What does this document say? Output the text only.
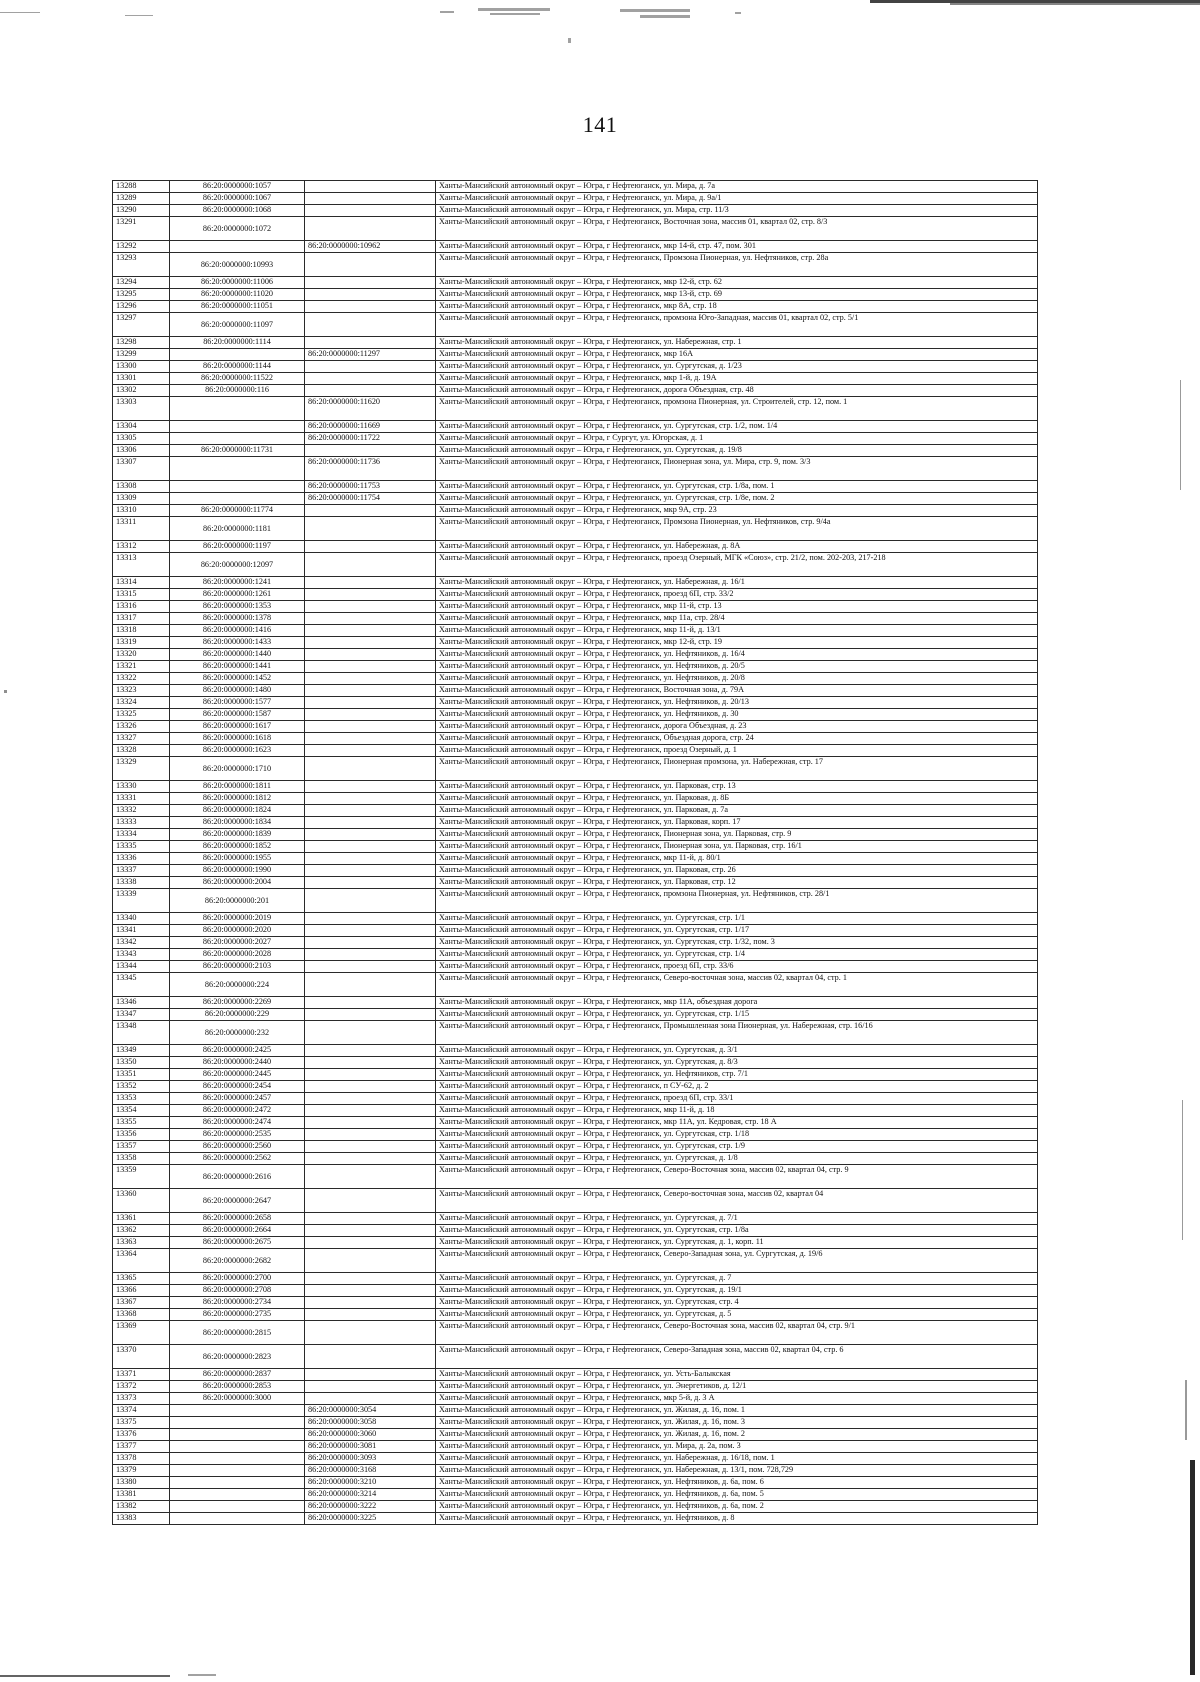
141
13288	86:20:0000000:1057		Ханты-Мансийский автономный округ – Югра, г Нефтеюганск, ул. Мира, д. 7а
13289	86:20:0000000:1067		Ханты-Мансийский автономный округ – Югра, г Нефтеюганск, ул. Мира, д. 9а/1
13290	86:20:0000000:1068		Ханты-Мансийский автономный округ – Югра, г Нефтеюганск, ул. Мира, стр. 11/3
13291	86:20:0000000:1072		Ханты-Мансийский автономный округ – Югра, г Нефтеюганск, Восточная зона, массив 01, квартал 02, стр. 8/3
13292		86:20:0000000:10962	Ханты-Мансийский автономный округ – Югра, г Нефтеюганск, мкр 14-й, стр. 47, пом. 301
13293	86:20:0000000:10993		Ханты-Мансийский автономный округ – Югра, г Нефтеюганск, Промзона Пионерная, ул. Нефтяников, стр. 28а
13294	86:20:0000000:11006		Ханты-Мансийский автономный округ – Югра, г Нефтеюганск, мкр 12-й, стр. 62
13295	86:20:0000000:11020		Ханты-Мансийский автономный округ – Югра, г Нефтеюганск, мкр 13-й, стр. 69
13296	86:20:0000000:11051		Ханты-Мансийский автономный округ – Югра, г Нефтеюганск, мкр 8А, стр. 18
13297	86:20:0000000:11097		Ханты-Мансийский автономный округ – Югра, г Нефтеюганск, промзона Юго-Западная, массив 01, квартал 02, стр. 5/1
13298	86:20:0000000:1114		Ханты-Мансийский автономный округ – Югра, г Нефтеюганск, ул. Набережная, стр. 1
13299		86:20:0000000:11297	Ханты-Мансийский автономный округ – Югра, г Нефтеюганск, мкр 16А
13300	86:20:0000000:1144		Ханты-Мансийский автономный округ – Югра, г Нефтеюганск, ул. Сургутская, д. 1/23
13301	86:20:0000000:11522		Ханты-Мансийский автономный округ – Югра, г Нефтеюганск, мкр 1-й, д. 19А
13302	86:20:0000000:116		Ханты-Мансийский автономный округ – Югра, г Нефтеюганск, дорога Объездная, стр. 48
13303		86:20:0000000:11620	Ханты-Мансийский автономный округ – Югра, г Нефтеюганск, промзона Пионерная, ул. Строителей, стр. 12, пом. 1
13304		86:20:0000000:11669	Ханты-Мансийский автономный округ – Югра, г Нефтеюганск, ул. Сургутская, стр. 1/2, пом. 1/4
13305		86:20:0000000:11722	Ханты-Мансийский автономный округ – Югра, г Сургут, ул. Югорская, д. 1
13306	86:20:0000000:11731		Ханты-Мансийский автономный округ – Югра, г Нефтеюганск, ул. Сургутская, д. 19/8
13307		86:20:0000000:11736	Ханты-Мансийский автономный округ – Югра, г Нефтеюганск, Пионерная зона, ул. Мира, стр. 9, пом. 3/3
13308		86:20:0000000:11753	Ханты-Мансийский автономный округ – Югра, г Нефтеюганск, ул. Сургутская, стр. 1/8а, пом. 1
13309		86:20:0000000:11754	Ханты-Мансийский автономный округ – Югра, г Нефтеюганск, ул. Сургутская, стр. 1/8е, пом. 2
13310	86:20:0000000:11774		Ханты-Мансийский автономный округ – Югра, г Нефтеюганск, мкр 9А, стр. 23
13311	86:20:0000000:1181		Ханты-Мансийский автономный округ – Югра, г Нефтеюганск, Промзона Пионерная, ул. Нефтяников, стр. 9/4а
13312	86:20:0000000:1197		Ханты-Мансийский автономный округ – Югра, г Нефтеюганск, ул. Набережная, д. 8А
13313	86:20:0000000:12097		Ханты-Мансийский автономный округ – Югра, г Нефтеюганск, проезд Озерный, МГК «Союз», стр. 21/2, пом. 202-203, 217-218
13314	86:20:0000000:1241		Ханты-Мансийский автономный округ – Югра, г Нефтеюганск, ул. Набережная, д. 16/1
13315	86:20:0000000:1261		Ханты-Мансийский автономный округ – Югра, г Нефтеюганск, проезд 6П, стр. 33/2
13316	86:20:0000000:1353		Ханты-Мансийский автономный округ – Югра, г Нефтеюганск, мкр 11-й, стр. 13
13317	86:20:0000000:1378		Ханты-Мансийский автономный округ – Югра, г Нефтеюганск, мкр 11а, стр. 28/4
13318	86:20:0000000:1416		Ханты-Мансийский автономный округ – Югра, г Нефтеюганск, мкр 11-й, д. 13/1
13319	86:20:0000000:1433		Ханты-Мансийский автономный округ – Югра, г Нефтеюганск, мкр 12-й, стр. 19
13320	86:20:0000000:1440		Ханты-Мансийский автономный округ – Югра, г Нефтеюганск, ул. Нефтяников, д. 16/4
13321	86:20:0000000:1441		Ханты-Мансийский автономный округ – Югра, г Нефтеюганск, ул. Нефтяников, д. 20/5
13322	86:20:0000000:1452		Ханты-Мансийский автономный округ – Югра, г Нефтеюганск, ул. Нефтяников, д. 20/8
13323	86:20:0000000:1480		Ханты-Мансийский автономный округ – Югра, г Нефтеюганск, Восточная зона, д. 79А
13324	86:20:0000000:1577		Ханты-Мансийский автономный округ – Югра, г Нефтеюганск, ул. Нефтяников, д. 20/13
13325	86:20:0000000:1587		Ханты-Мансийский автономный округ – Югра, г Нефтеюганск, ул. Нефтяников, д. 30
13326	86:20:0000000:1617		Ханты-Мансийский автономный округ – Югра, г Нефтеюганск, дорога Объездная, д. 23
13327	86:20:0000000:1618		Ханты-Мансийский автономный округ – Югра, г Нефтеюганск, Объездная дорога, стр. 24
13328	86:20:0000000:1623		Ханты-Мансийский автономный округ – Югра, г Нефтеюганск, проезд Озерный, д. 1
13329	86:20:0000000:1710		Ханты-Мансийский автономный округ – Югра, г Нефтеюганск, Пионерная промзона, ул. Набережная, стр. 17
13330	86:20:0000000:1811		Ханты-Мансийский автономный округ – Югра, г Нефтеюганск, ул. Парковая, стр. 13
13331	86:20:0000000:1812		Ханты-Мансийский автономный округ – Югра, г Нефтеюганск, ул. Парковая, д. 8Б
13332	86:20:0000000:1824		Ханты-Мансийский автономный округ – Югра, г Нефтеюганск, ул. Парковая, д. 7а
13333	86:20:0000000:1834		Ханты-Мансийский автономный округ – Югра, г Нефтеюганск, ул. Парковая, корп. 17
13334	86:20:0000000:1839		Ханты-Мансийский автономный округ – Югра, г Нефтеюганск, Пионерная зона, ул. Парковая, стр. 9
13335	86:20:0000000:1852		Ханты-Мансийский автономный округ – Югра, г Нефтеюганск, Пионерная зона, ул. Парковая, стр. 16/1
13336	86:20:0000000:1955		Ханты-Мансийский автономный округ – Югра, г Нефтеюганск, мкр 11-й, д. 80/1
13337	86:20:0000000:1990		Ханты-Мансийский автономный округ – Югра, г Нефтеюганск, ул. Парковая, стр. 26
13338	86:20:0000000:2004		Ханты-Мансийский автономный округ – Югра, г Нефтеюганск, ул. Парковая, стр. 12
13339	86:20:0000000:201		Ханты-Мансийский автономный округ – Югра, г Нефтеюганск, промзона Пионерная, ул. Нефтяников, стр. 28/1
13340	86:20:0000000:2019		Ханты-Мансийский автономный округ – Югра, г Нефтеюганск, ул. Сургутская, стр. 1/1
13341	86:20:0000000:2020		Ханты-Мансийский автономный округ – Югра, г Нефтеюганск, ул. Сургутская, стр. 1/17
13342	86:20:0000000:2027		Ханты-Мансийский автономный округ – Югра, г Нефтеюганск, ул. Сургутская, стр. 1/32, пом. 3
13343	86:20:0000000:2028		Ханты-Мансийский автономный округ – Югра, г Нефтеюганск, ул. Сургутская, стр. 1/4
13344	86:20:0000000:2103		Ханты-Мансийский автономный округ – Югра, г Нефтеюганск, проезд 6П, стр. 33/6
13345	86:20:0000000:224		Ханты-Мансийский автономный округ – Югра, г Нефтеюганск, Северо-восточная зона, массив 02, квартал 04, стр. 1
13346	86:20:0000000:2269		Ханты-Мансийский автономный округ – Югра, г Нефтеюганск, мкр 11А, объездная дорога
13347	86:20:0000000:229		Ханты-Мансийский автономный округ – Югра, г Нефтеюганск, ул. Сургутская, стр. 1/15
13348	86:20:0000000:232		Ханты-Мансийский автономный округ – Югра, г Нефтеюганск, Промышленная зона Пионерная, ул. Набережная, стр. 16/16
13349	86:20:0000000:2425		Ханты-Мансийский автономный округ – Югра, г Нефтеюганск, ул. Сургутская, д. 3/1
13350	86:20:0000000:2440		Ханты-Мансийский автономный округ – Югра, г Нефтеюганск, ул. Сургутская, д. 8/3
13351	86:20:0000000:2445		Ханты-Мансийский автономный округ – Югра, г Нефтеюганск, ул. Нефтяников, стр. 7/1
13352	86:20:0000000:2454		Ханты-Мансийский автономный округ – Югра, г Нефтеюганск, п СУ-62, д. 2
13353	86:20:0000000:2457		Ханты-Мансийский автономный округ – Югра, г Нефтеюганск, проезд 6П, стр. 33/1
13354	86:20:0000000:2472		Ханты-Мансийский автономный округ – Югра, г Нефтеюганск, мкр 11-й, д. 18
13355	86:20:0000000:2474		Ханты-Мансийский автономный округ – Югра, г Нефтеюганск, мкр 11А, ул. Кедровая, стр. 18 А
13356	86:20:0000000:2535		Ханты-Мансийский автономный округ – Югра, г Нефтеюганск, ул. Сургутская, стр. 1/18
13357	86:20:0000000:2560		Ханты-Мансийский автономный округ – Югра, г Нефтеюганск, ул. Сургутская, стр. 1/9
13358	86:20:0000000:2562		Ханты-Мансийский автономный округ – Югра, г Нефтеюганск, ул. Сургутская, д. 1/8
13359	86:20:0000000:2616		Ханты-Мансийский автономный округ – Югра, г Нефтеюганск, Северо-Восточная зона, массив 02, квартал 04, стр. 9
13360	86:20:0000000:2647		Ханты-Мансийский автономный округ – Югра, г Нефтеюганск, Северо-восточная зона, массив 02, квартал 04
13361	86:20:0000000:2658		Ханты-Мансийский автономный округ – Югра, г Нефтеюганск, ул. Сургутская, д. 7/1
13362	86:20:0000000:2664		Ханты-Мансийский автономный округ – Югра, г Нефтеюганск, ул. Сургутская, стр. 1/8а
13363	86:20:0000000:2675		Ханты-Мансийский автономный округ – Югра, г Нефтеюганск, ул. Сургутская, д. 1, корп. 11
13364	86:20:0000000:2682		Ханты-Мансийский автономный округ – Югра, г Нефтеюганск, Северо-Западная зона, ул. Сургутская, д. 19/6
13365	86:20:0000000:2700		Ханты-Мансийский автономный округ – Югра, г Нефтеюганск, ул. Сургутская, д. 7
13366	86:20:0000000:2708		Ханты-Мансийский автономный округ – Югра, г Нефтеюганск, ул. Сургутская, д. 19/1
13367	86:20:0000000:2734		Ханты-Мансийский автономный округ – Югра, г Нефтеюганск, ул. Сургутская, стр. 4
13368	86:20:0000000:2735		Ханты-Мансийский автономный округ – Югра, г Нефтеюганск, ул. Сургутская, д. 5
13369	86:20:0000000:2815		Ханты-Мансийский автономный округ – Югра, г Нефтеюганск, Северо-Восточная зона, массив 02, квартал 04, стр. 9/1
13370	86:20:0000000:2823		Ханты-Мансийский автономный округ – Югра, г Нефтеюганск, Северо-Западная зона, массив 02, квартал 04, стр. 6
13371	86:20:0000000:2837		Ханты-Мансийский автономный округ – Югра, г Нефтеюганск, ул. Усть-Балыкская
13372	86:20:0000000:2853		Ханты-Мансийский автономный округ – Югра, г Нефтеюганск, ул. Энергетиков, д. 12/1
13373	86:20:0000000:3000		Ханты-Мансийский автономный округ – Югра, г Нефтеюганск, мкр 5-й, д. 3 А
13374		86:20:0000000:3054	Ханты-Мансийский автономный округ – Югра, г Нефтеюганск, ул. Жилая, д. 16, пом. 1
13375		86:20:0000000:3058	Ханты-Мансийский автономный округ – Югра, г Нефтеюганск, ул. Жилая, д. 16, пом. 3
13376		86:20:0000000:3060	Ханты-Мансийский автономный округ – Югра, г Нефтеюганск, ул. Жилая, д. 16, пом. 2
13377		86:20:0000000:3081	Ханты-Мансийский автономный округ – Югра, г Нефтеюганск, ул. Мира, д. 2а, пом. 3
13378		86:20:0000000:3093	Ханты-Мансийский автономный округ – Югра, г Нефтеюганск, ул. Набережная, д. 16/18, пом. 1
13379		86:20:0000000:3168	Ханты-Мансийский автономный округ – Югра, г Нефтеюганск, ул. Набережная, д. 13/1, пом. 728,729
13380		86:20:0000000:3210	Ханты-Мансийский автономный округ – Югра, г Нефтеюганск, ул. Нефтяников, д. 6а, пом. 6
13381		86:20:0000000:3214	Ханты-Мансийский автономный округ – Югра, г Нефтеюганск, ул. Нефтяников, д. 6а, пом. 5
13382		86:20:0000000:3222	Ханты-Мансийский автономный округ – Югра, г Нефтеюганск, ул. Нефтяников, д. 6а, пом. 2
13383		86:20:0000000:3225	Ханты-Мансийский автономный округ – Югра, г Нефтеюганск, ул. Нефтяников, д. 8
